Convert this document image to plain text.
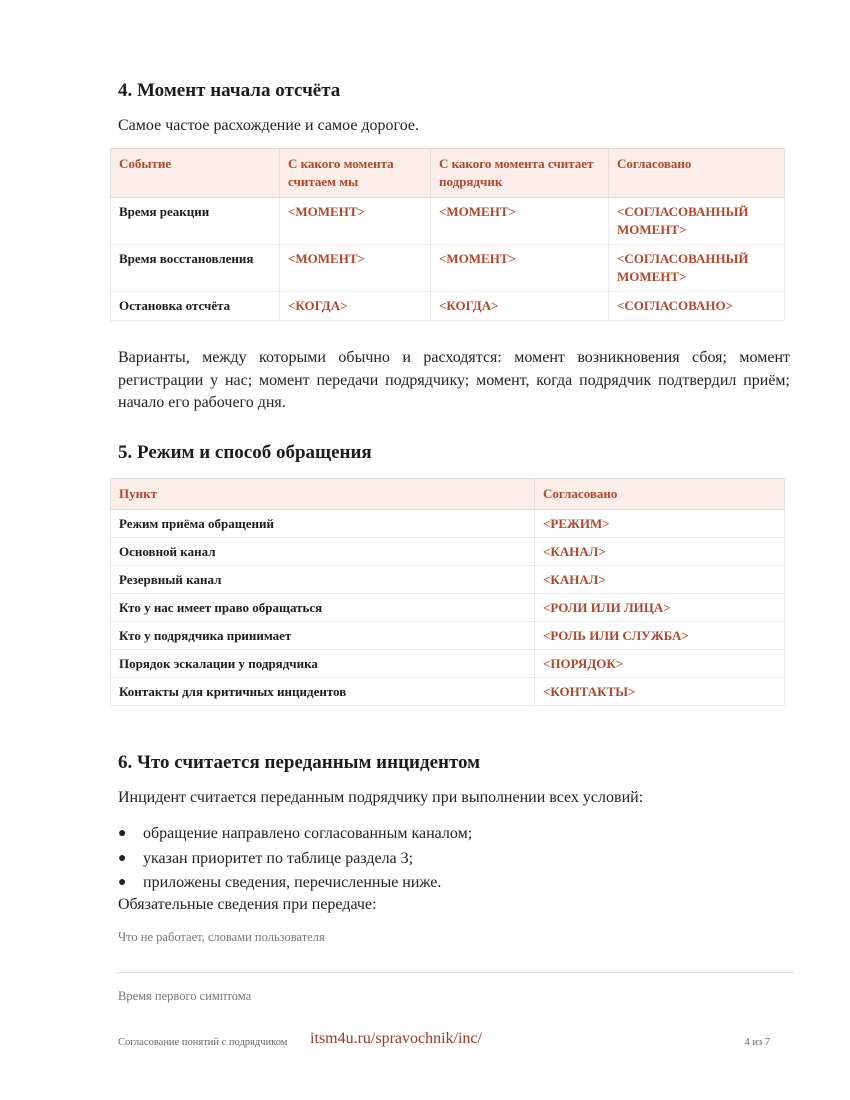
4. Момент начала отсчёта

Самое частое расхождение и самое дорогое.

Событие	С какого момента считаем мы	С какого момента считает подрядчик	Согласовано
Время реакции	<МОМЕНТ>	<МОМЕНТ>	<СОГЛАСОВАННЫЙ МОМЕНТ>
Время восстановления	<МОМЕНТ>	<МОМЕНТ>	<СОГЛАСОВАННЫЙ МОМЕНТ>
Остановка отсчёта	<КОГДА>	<КОГДА>	<СОГЛАСОВАНО>

Варианты, между которыми обычно и расходятся: момент возникновения сбоя; момент регистрации у нас; момент передачи подрядчику; момент, когда подрядчик подтвердил приём; начало его рабочего дня.

5. Режим и способ обращения
Пункт	Согласовано
Режим приёма обращений	<РЕЖИМ>
Основной канал	<КАНАЛ>
Резервный канал	<КАНАЛ>
Кто у нас имеет право обращаться	<РОЛИ ИЛИ ЛИЦА>
Кто у подрядчика принимает	<РОЛЬ ИЛИ СЛУЖБА>
Порядок эскалации у подрядчика	<ПОРЯДОК>
Контакты для критичных инцидентов	<КОНТАКТЫ>
6. Что считается переданным инцидентом

Инцидент считается переданным подрядчику при выполнении всех условий:

● обращение направлено согласованным каналом;
● указан приоритет по таблице раздела 3;
● приложены сведения, перечисленные ниже.

Обязательные сведения при передаче:

Что не работает, словами пользователя

Время первого симптома

Согласование понятий с подрядчиком itsm4u.ru/spravochnik/inc/	4 из 7
